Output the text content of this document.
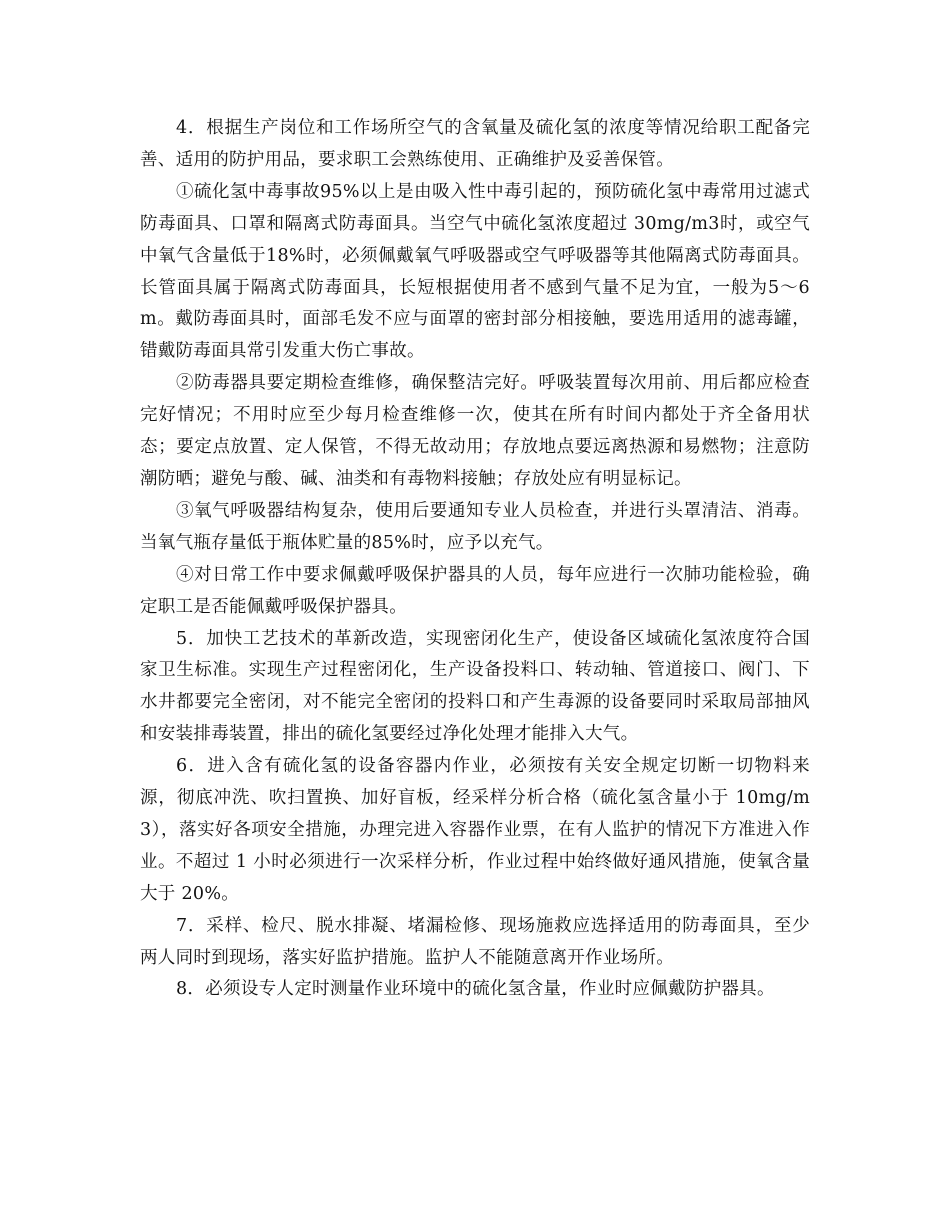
4．根据生产岗位和工作场所空气的含氧量及硫化氢的浓度等情况给职工配备完善、适用的防护用品，要求职工会熟练使用、正确维护及妥善保管。

①硫化氢中毒事故95%以上是由吸入性中毒引起的，预防硫化氢中毒常用过滤式防毒面具、口罩和隔离式防毒面具。当空气中硫化氢浓度超过 30mg/m3时，或空气中氧气含量低于18%时，必须佩戴氧气呼吸器或空气呼吸器等其他隔离式防毒面具。长管面具属于隔离式防毒面具，长短根据使用者不感到气量不足为宜，一般为5～6m。戴防毒面具时，面部毛发不应与面罩的密封部分相接触，要选用适用的滤毒罐，错戴防毒面具常引发重大伤亡事故。

②防毒器具要定期检查维修，确保整洁完好。呼吸装置每次用前、用后都应检查完好情况；不用时应至少每月检查维修一次，使其在所有时间内都处于齐全备用状态；要定点放置、定人保管，不得无故动用；存放地点要远离热源和易燃物；注意防潮防晒；避免与酸、碱、油类和有毒物料接触；存放处应有明显标记。

③氧气呼吸器结构复杂，使用后要通知专业人员检查，并进行头罩清洁、消毒。当氧气瓶存量低于瓶体贮量的85%时，应予以充气。

④对日常工作中要求佩戴呼吸保护器具的人员，每年应进行一次肺功能检验，确定职工是否能佩戴呼吸保护器具。

5．加快工艺技术的革新改造，实现密闭化生产，使设备区域硫化氢浓度符合国家卫生标准。实现生产过程密闭化，生产设备投料口、转动轴、管道接口、阀门、下水井都要完全密闭，对不能完全密闭的投料口和产生毒源的设备要同时采取局部抽风和安装排毒装置，排出的硫化氢要经过净化处理才能排入大气。

6．进入含有硫化氢的设备容器内作业，必须按有关安全规定切断一切物料来源，彻底冲洗、吹扫置换、加好盲板，经采样分析合格（硫化氢含量小于 10mg/m3），落实好各项安全措施，办理完进入容器作业票，在有人监护的情况下方准进入作业。不超过 1 小时必须进行一次采样分析，作业过程中始终做好通风措施，使氧含量大于 20%。

7．采样、检尺、脱水排凝、堵漏检修、现场施救应选择适用的防毒面具，至少两人同时到现场，落实好监护措施。监护人不能随意离开作业场所。

8．必须设专人定时测量作业环境中的硫化氢含量，作业时应佩戴防护器具。
